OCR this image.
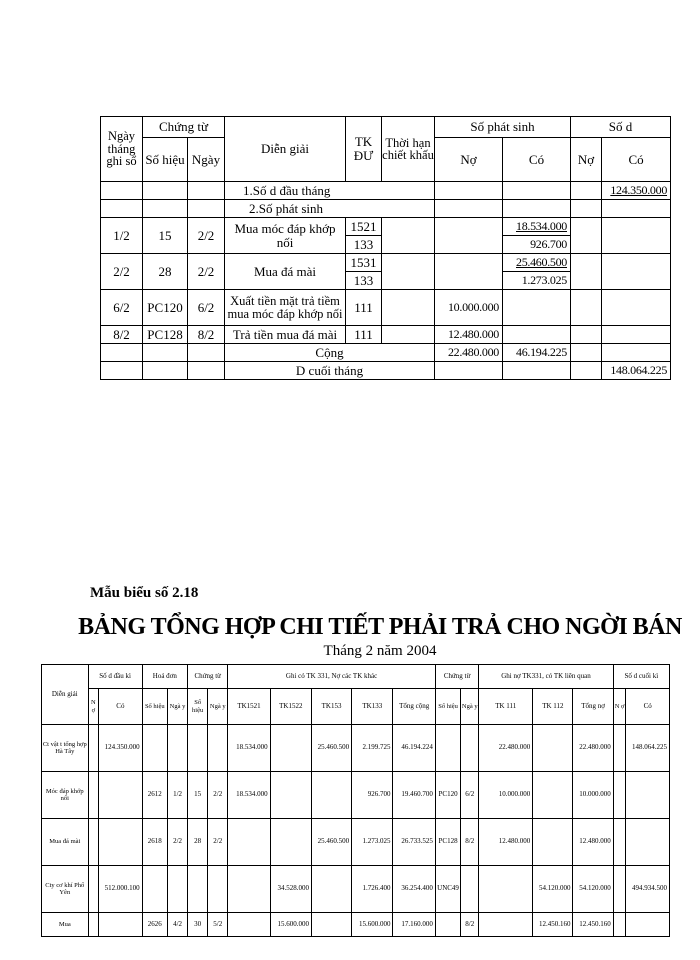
Ngày tháng ghi sổ	Chứng từ		Diễn giải	TK ĐƯ	Thời hạn chiết khấu	Số phát sinh		Số d	
	Số hiệu	Ngày				Nợ	Có	Nợ	Có
			1.Số d đầu tháng						124.350.000
			2.Số phát sinh						
1/2	15	2/2	Mua móc đáp khớp nối	1521			18.534.000		
				133			926.700		
2/2	28	2/2	Mua đá mài	1531			25.460.500		
				133			1.273.025		
6/2	PC120	6/2	Xuất tiền mặt trả tiềm mua móc đáp khớp nối	111		10.000.000			
8/2	PC128	8/2	Trả tiền mua đá mài	111		12.480.000			
			Cộng			22.480.000	46.194.225		
			D cuối tháng						148.064.225
Mẫu biểu số 2.18
BẢNG TỔNG HỢP CHI TIẾT PHẢI TRẢ CHO NGỜI BÁN
Tháng 2 năm 2004
Diễn giải	Số d đầu kì		Hoá đơn		Chứng từ		Ghi có TK 331, Nợ các TK khác					Chứng từ		Ghi nợ TK331, có TK liên quan			Số d cuối kì	
	N ợ	Có	Số hiệu	Ngà y	Số hiệu	Ngà y	TK1521	TK1522	TK153	TK133	Tổng cộng	Số hiệu	Ngà y	TK 111	TK 112	Tổng nợ	N ợ	Có
Ct vật t tổng hợp Hà Tây		124.350.000					18.534.000		25.460.500	2.199.725	46.194.224			22.480.000		22.480.000		148.064.225
Móc đáp khớp nối			2612	1/2	15	2/2	18.534.000			926.700	19.460.700	PC120	6/2	10.000.000		10.000.000		
Mua đá mài			2618	2/2	28	2/2			25.460.500	1.273.025	26.733.525	PC128	8/2	12.480.000		12.480.000		
Cty cơ khí Phổ Yên		512.000.100						34.528.000		1.726.400	36.254.400	UNC49			54.120.000	54.120.000		494.934.500
Mua			2626	4/2	30	5/2		15.600.000		15.600.000	17.160.000		8/2		12.450.160	12.450.160		
